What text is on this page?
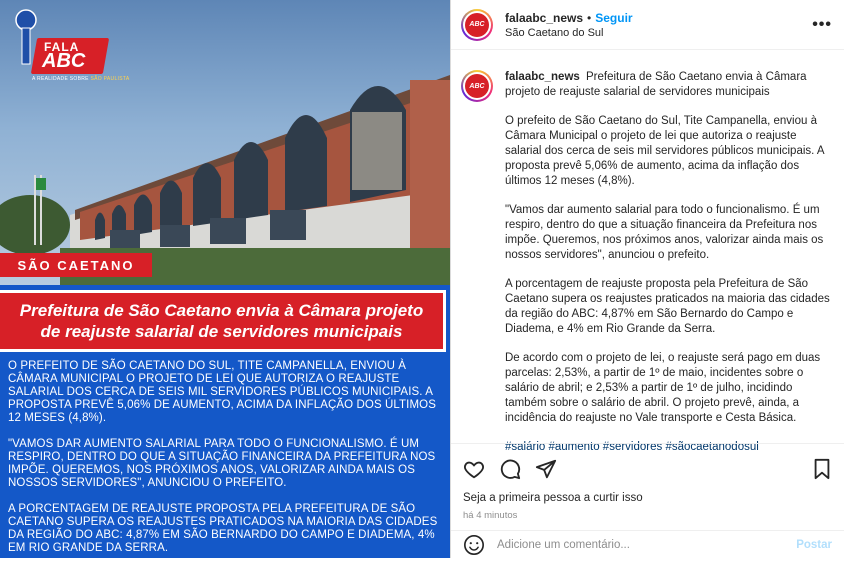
FALA
ABC
A REALIDADE SOBRE SÃO PAULISTA
SÃO CAETANO
Prefeitura de São Caetano envia à Câmara projeto de reajuste salarial de servidores municipais

O PREFEITO DE SÃO CAETANO DO SUL, TITE CAMPANELLA, ENVIOU À CÂMARA MUNICIPAL O PROJETO DE LEI QUE AUTORIZA O REAJUSTE SALARIAL DOS CERCA DE SEIS MIL SERVIDORES PÚBLICOS MUNICIPAIS. A PROPOSTA PREVÊ 5,06% DE AUMENTO, ACIMA DA INFLAÇÃO DOS ÚLTIMOS 12 MESES (4,8%).

"VAMOS DAR AUMENTO SALARIAL PARA TODO O FUNCIONALISMO. É UM RESPIRO, DENTRO DO QUE A SITUAÇÃO FINANCEIRA DA PREFEITURA NOS IMPÕE. QUEREMOS, NOS PRÓXIMOS ANOS, VALORIZAR AINDA MAIS OS NOSSOS SERVIDORES", ANUNCIOU O PREFEITO.

A PORCENTAGEM DE REAJUSTE PROPOSTA PELA PREFEITURA DE SÃO CAETANO SUPERA OS REAJUSTES PRATICADOS NA MAIORIA DAS CIDADES DA REGIÃO DO ABC: 4,87% EM SÃO BERNARDO DO CAMPO E DIADEMA, 4% EM RIO GRANDE DA SERRA.

ABC	falaabc_news • Seguir
São Caetano do Sul	•••
ABC

falaabc_news Prefeitura de São Caetano envia à Câmara projeto de reajuste salarial de servidores municipais

O prefeito de São Caetano do Sul, Tite Campanella, enviou à Câmara Municipal o projeto de lei que autoriza o reajuste salarial dos cerca de seis mil servidores públicos municipais. A proposta prevê 5,06% de aumento, acima da inflação dos últimos 12 meses (4,8%).

"Vamos dar aumento salarial para todo o funcionalismo. É um respiro, dentro do que a situação financeira da Prefeitura nos impõe. Queremos, nos próximos anos, valorizar ainda mais os nossos servidores", anunciou o prefeito.

A porcentagem de reajuste proposta pela Prefeitura de São Caetano supera os reajustes praticados na maioria das cidades da região do ABC: 4,87% em São Bernardo do Campo e Diadema, e 4% em Rio Grande da Serra.

De acordo com o projeto de lei, o reajuste será pago em duas parcelas: 2,53%, a partir de 1º de maio, incidentes sobre o salário de abril; e 2,53% a partir de 1º de julho, incidindo também sobre o salário de abril. O projeto prevê, ainda, a incidência do reajuste no Vale transporte e Cesta Básica.

#salário #aumento #servidores #sãocaetanodosul

Seja a primeira pessoa a curtir isso
há 4 minutos
Adicione um comentário...
Postar
